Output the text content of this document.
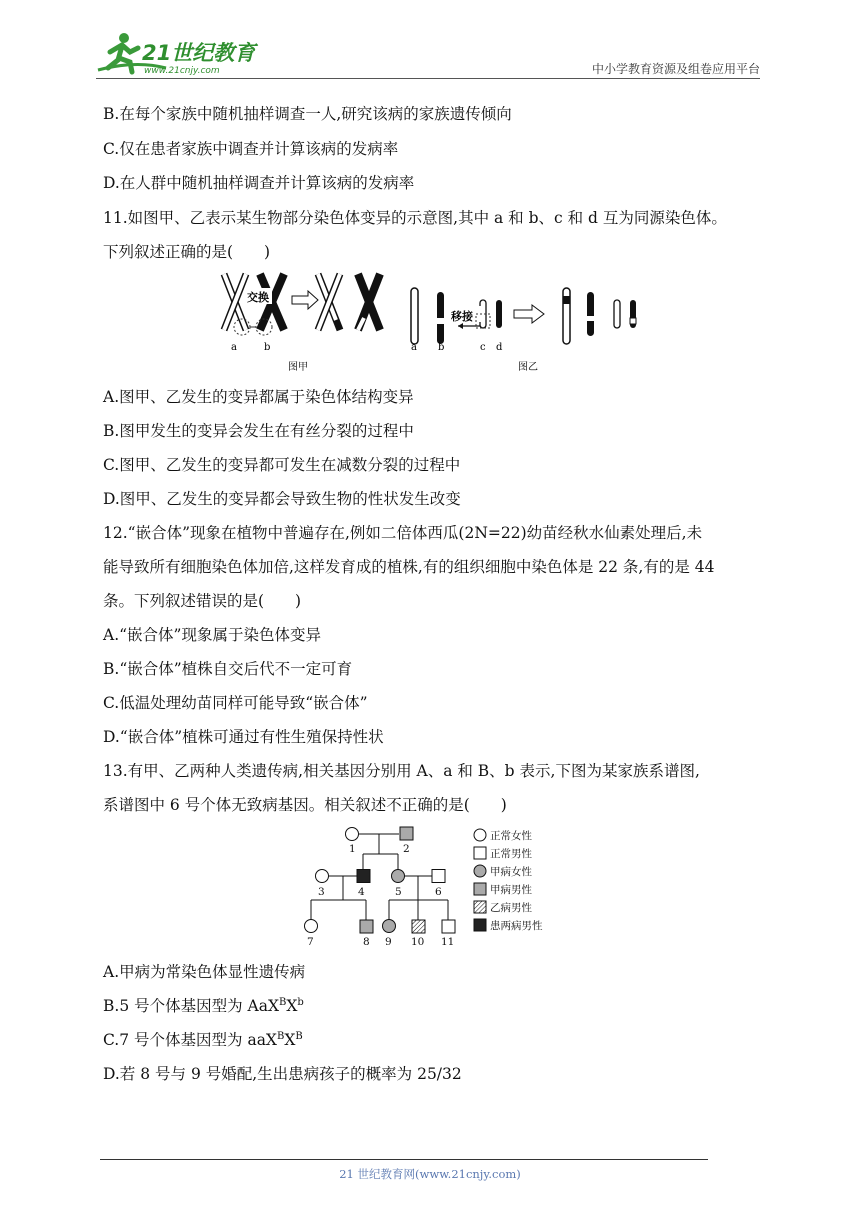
21世纪教育
www.21cnjy.com	中小学教育资源及组卷应用平台
B.在每个家族中随机抽样调查一人,研究该病的家族遗传倾向
C.仅在患者家族中调查并计算该病的发病率
D.在人群中随机抽样调查并计算该病的发病率
11.如图甲、乙表示某生物部分染色体变异的示意图,其中 a 和 b、c 和 d 互为同源染色体。
下列叙述正确的是(　　)
交换
a	b
图甲
移接
a b	c d
图乙
A.图甲、乙发生的变异都属于染色体结构变异
B.图甲发生的变异会发生在有丝分裂的过程中
C.图甲、乙发生的变异都可发生在减数分裂的过程中
D.图甲、乙发生的变异都会导致生物的性状发生改变
12.“嵌合体”现象在植物中普遍存在,例如二倍体西瓜(2N=22)幼苗经秋水仙素处理后,未
能导致所有细胞染色体加倍,这样发育成的植株,有的组织细胞中染色体是 22 条,有的是 44
条。下列叙述错误的是(　　)
A.“嵌合体”现象属于染色体变异
B.“嵌合体”植株自交后代不一定可育
C.低温处理幼苗同样可能导致“嵌合体”
D.“嵌合体”植株可通过有性生殖保持性状
13.有甲、乙两种人类遗传病,相关基因分别用 A、a 和 B、b 表示,下图为某家族系谱图,
系谱图中 6 号个体无致病基因。相关叙述不正确的是(　　)
1	2
3	4	5	6
7	8 9 10 11
正常女性
正常男性
甲病女性
甲病男性
乙病男性
患两病男性
A.甲病为常染色体显性遗传病
B.5 号个体基因型为 $AaX^BX^b$
C.7 号个体基因型为 $aaX^BX^B$
D.若 8 号与 9 号婚配,生出患病孩子的概率为 25/32
21 世纪教育网(www.21cnjy.com)
